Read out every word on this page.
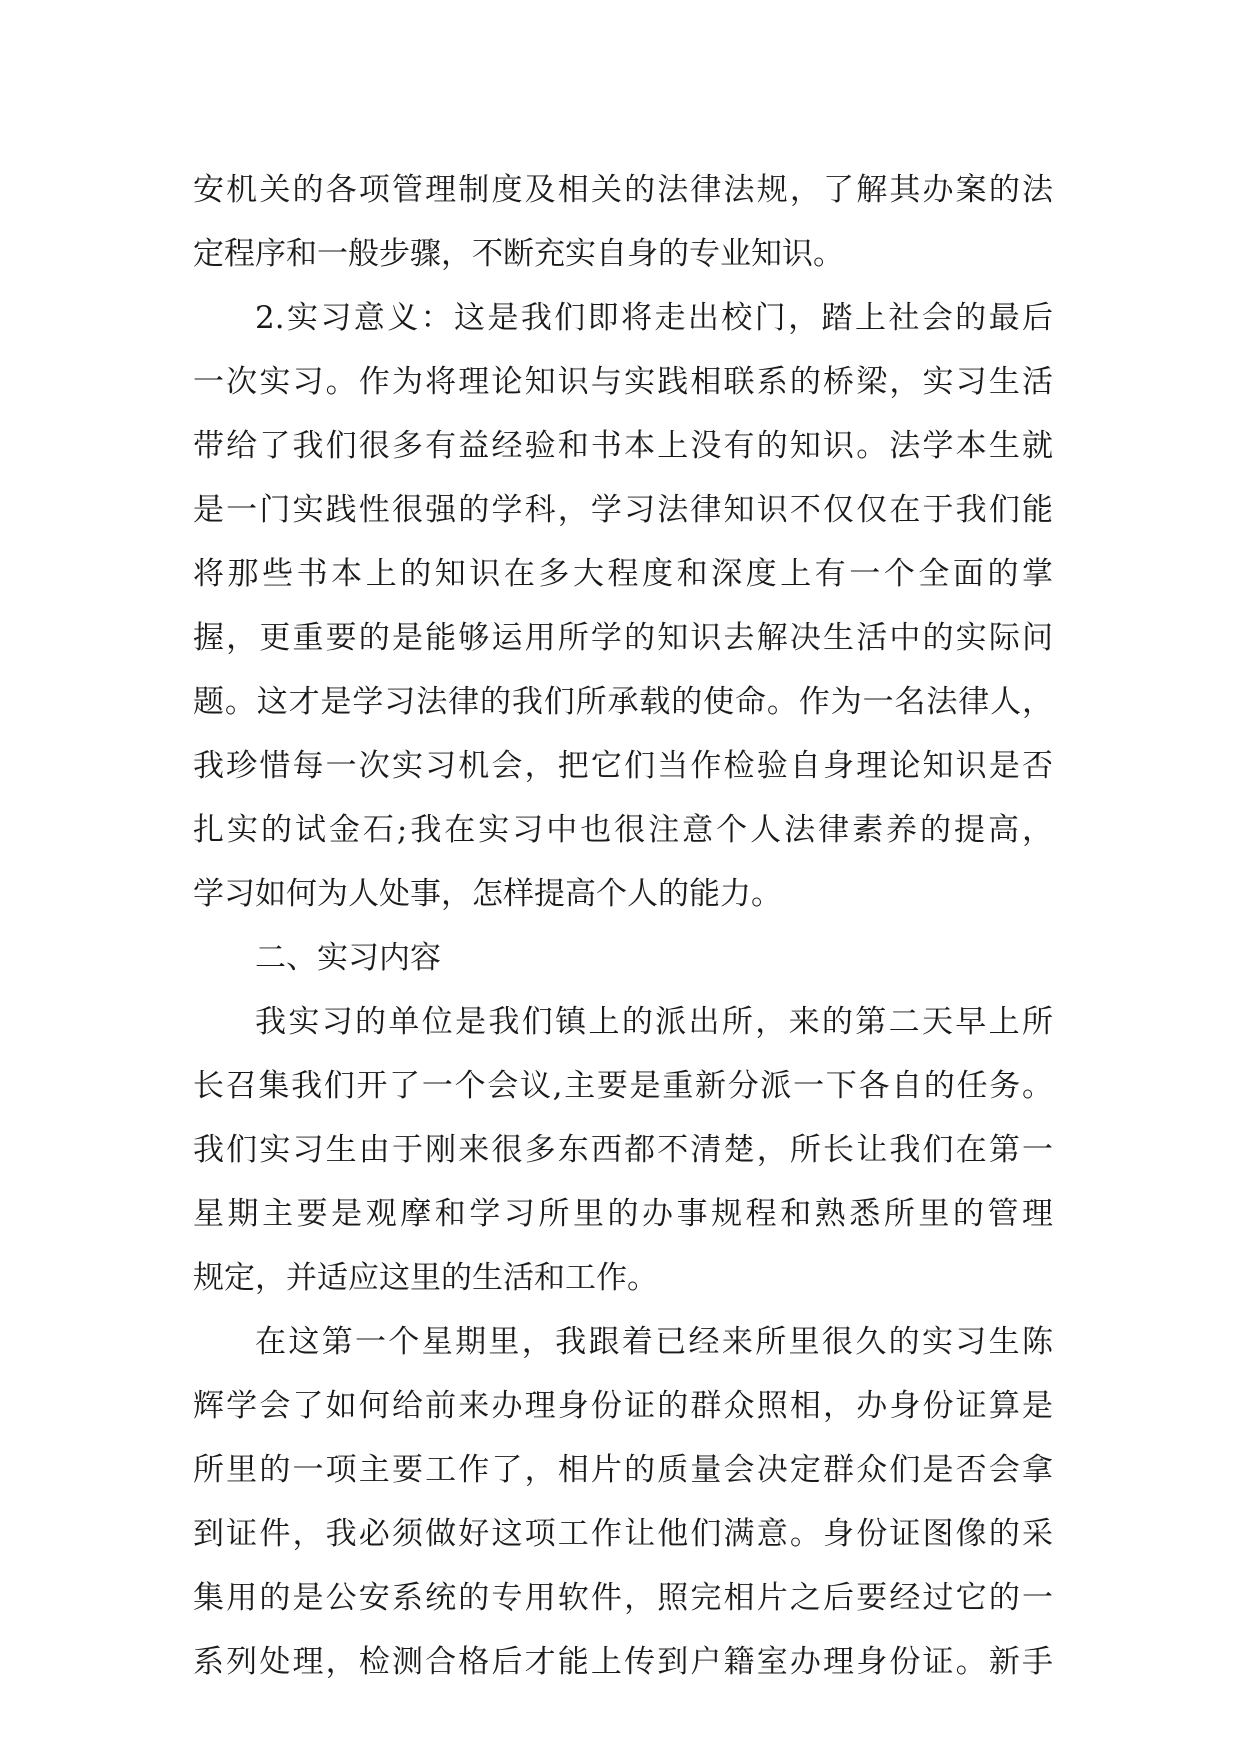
安机关的各项管理制度及相关的法律法规，了解其办案的法
定程序和一般步骤，不断充实自身的专业知识。
2.实习意义：这是我们即将走出校门，踏上社会的最后
一次实习。作为将理论知识与实践相联系的桥梁，实习生活
带给了我们很多有益经验和书本上没有的知识。法学本生就
是一门实践性很强的学科，学习法律知识不仅仅在于我们能
将那些书本上的知识在多大程度和深度上有一个全面的掌
握，更重要的是能够运用所学的知识去解决生活中的实际问
题。这才是学习法律的我们所承载的使命。作为一名法律人，
我珍惜每一次实习机会，把它们当作检验自身理论知识是否
扎实的试金石;我在实习中也很注意个人法律素养的提高，
学习如何为人处事，怎样提高个人的能力。
二、实习内容
我实习的单位是我们镇上的派出所，来的第二天早上所
长召集我们开了一个会议,主要是重新分派一下各自的任务。
我们实习生由于刚来很多东西都不清楚，所长让我们在第一
星期主要是观摩和学习所里的办事规程和熟悉所里的管理
规定，并适应这里的生活和工作。
在这第一个星期里，我跟着已经来所里很久的实习生陈
辉学会了如何给前来办理身份证的群众照相，办身份证算是
所里的一项主要工作了，相片的质量会决定群众们是否会拿
到证件，我必须做好这项工作让他们满意。身份证图像的采
集用的是公安系统的专用软件，照完相片之后要经过它的一
系列处理，检测合格后才能上传到户籍室办理身份证。新手
